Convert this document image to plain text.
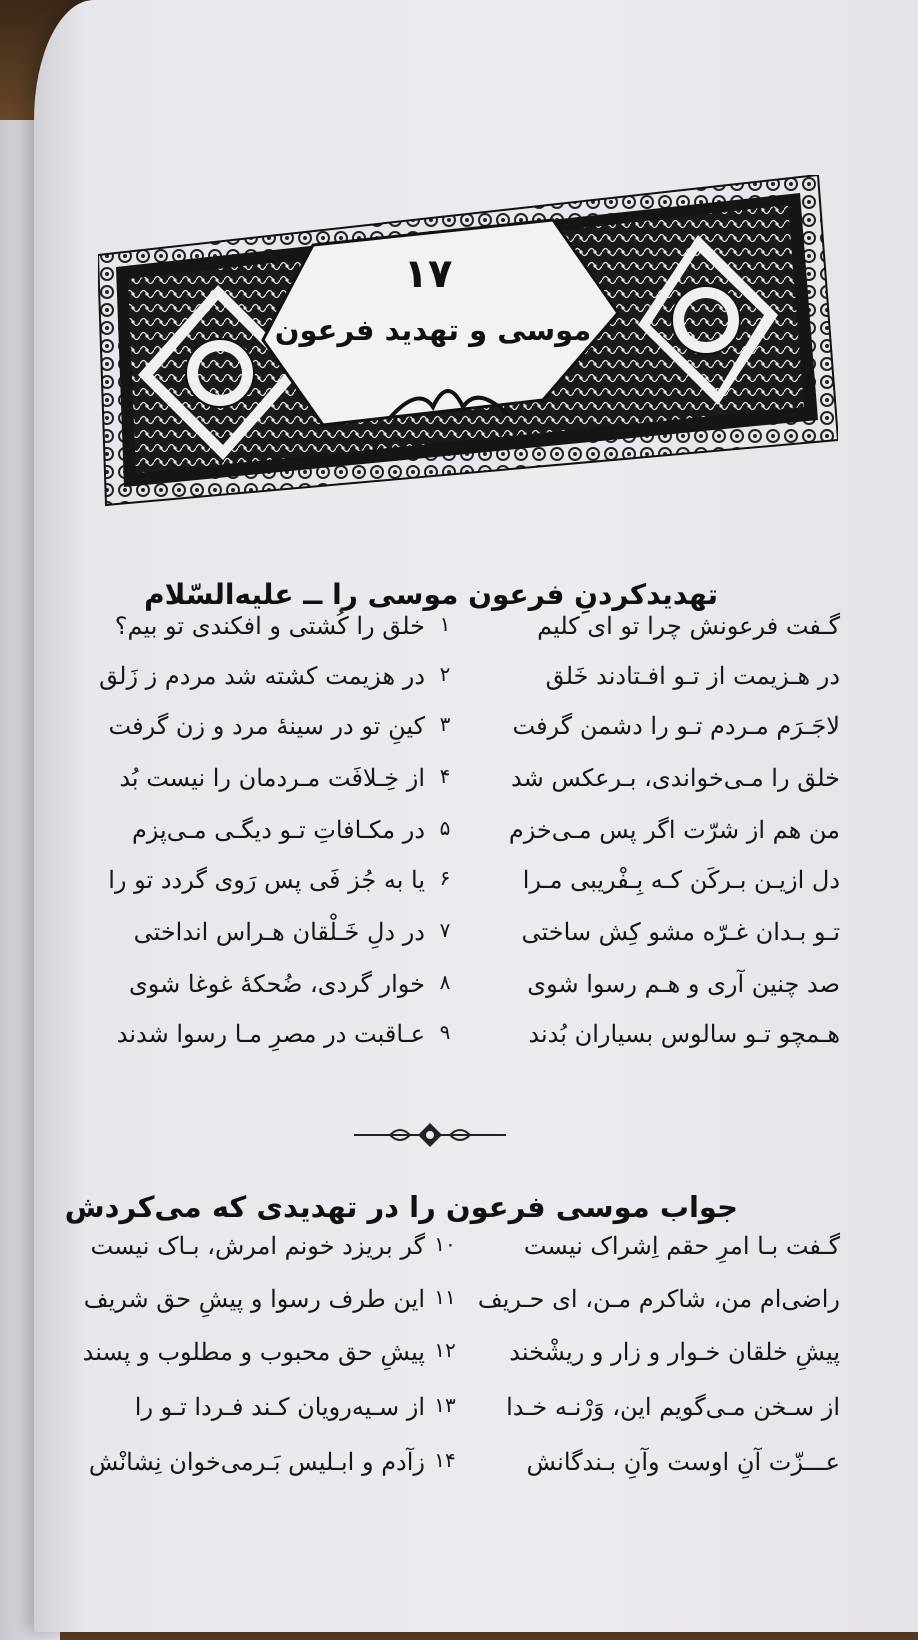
۱۷
موسی و تهدید فرعون
تهدیدکردنِ فرعون موسی را ــ علیه‌السّلام
گـفت فرعونش چرا تو ای کلیم
۱
خلق را کُشتی و افکندی تو بیم؟
در هـزیمت از تـو افـتادند خَلق
۲
در هزیمت کشته شد مردم ز زَلق
لاجَـرَم مـردم تـو را دشمن گرفت
۳
کینِ تو در سینهٔ مرد و زن گرفت
خلق را مـی‌خواندی، بـرعکس شد
۴
از خِـلافَت مـردمان را نیست بُد
من هم از شرّت اگر پس مـی‌خزم
۵
در مکـافاتِ تـو دیگـی مـی‌پزم
دل ازیـن بـرکَن کـه بِـفْریبی مـرا
۶
یا به جُز فَی پس رَوی گردد تو را
تـو بـدان غـرّه مشو کِش ساختی
۷
در دلِ خَـلْقان هـراس انداختی
صد چنین آری و هـم رسوا شوی
۸
خوار گردی، ضُحکهٔ غوغا شوی
هـمچو تـو سالوس بسیاران بُدند
۹
عـاقبت در مصرِ مـا رسوا شدند
جواب موسی فرعون را در تهدیدی که می‌کردش
گـفت بـا امرِ حقم اِشراک نیست
۱۰
گر بریزد خونم امرش، بـاک نیست
راضی‌ام من، شاکرم مـن، ای حـریف
۱۱
این طرف رسوا و پیشِ حق شریف
پیشِ خلقان خـوار و زار و ریشْخند
۱۲
پیشِ حق محبوب و مطلوب و پسند
از سـخن مـی‌گویم این، وَرْنـه خـدا
۱۳
از سـیه‌رویان کـند فـردا تـو را
عـــزّت آنِ اوست وآنِ بـندگانش
۱۴
زآدم و ابـلیس بَـرمی‌خوان نِشانْش
